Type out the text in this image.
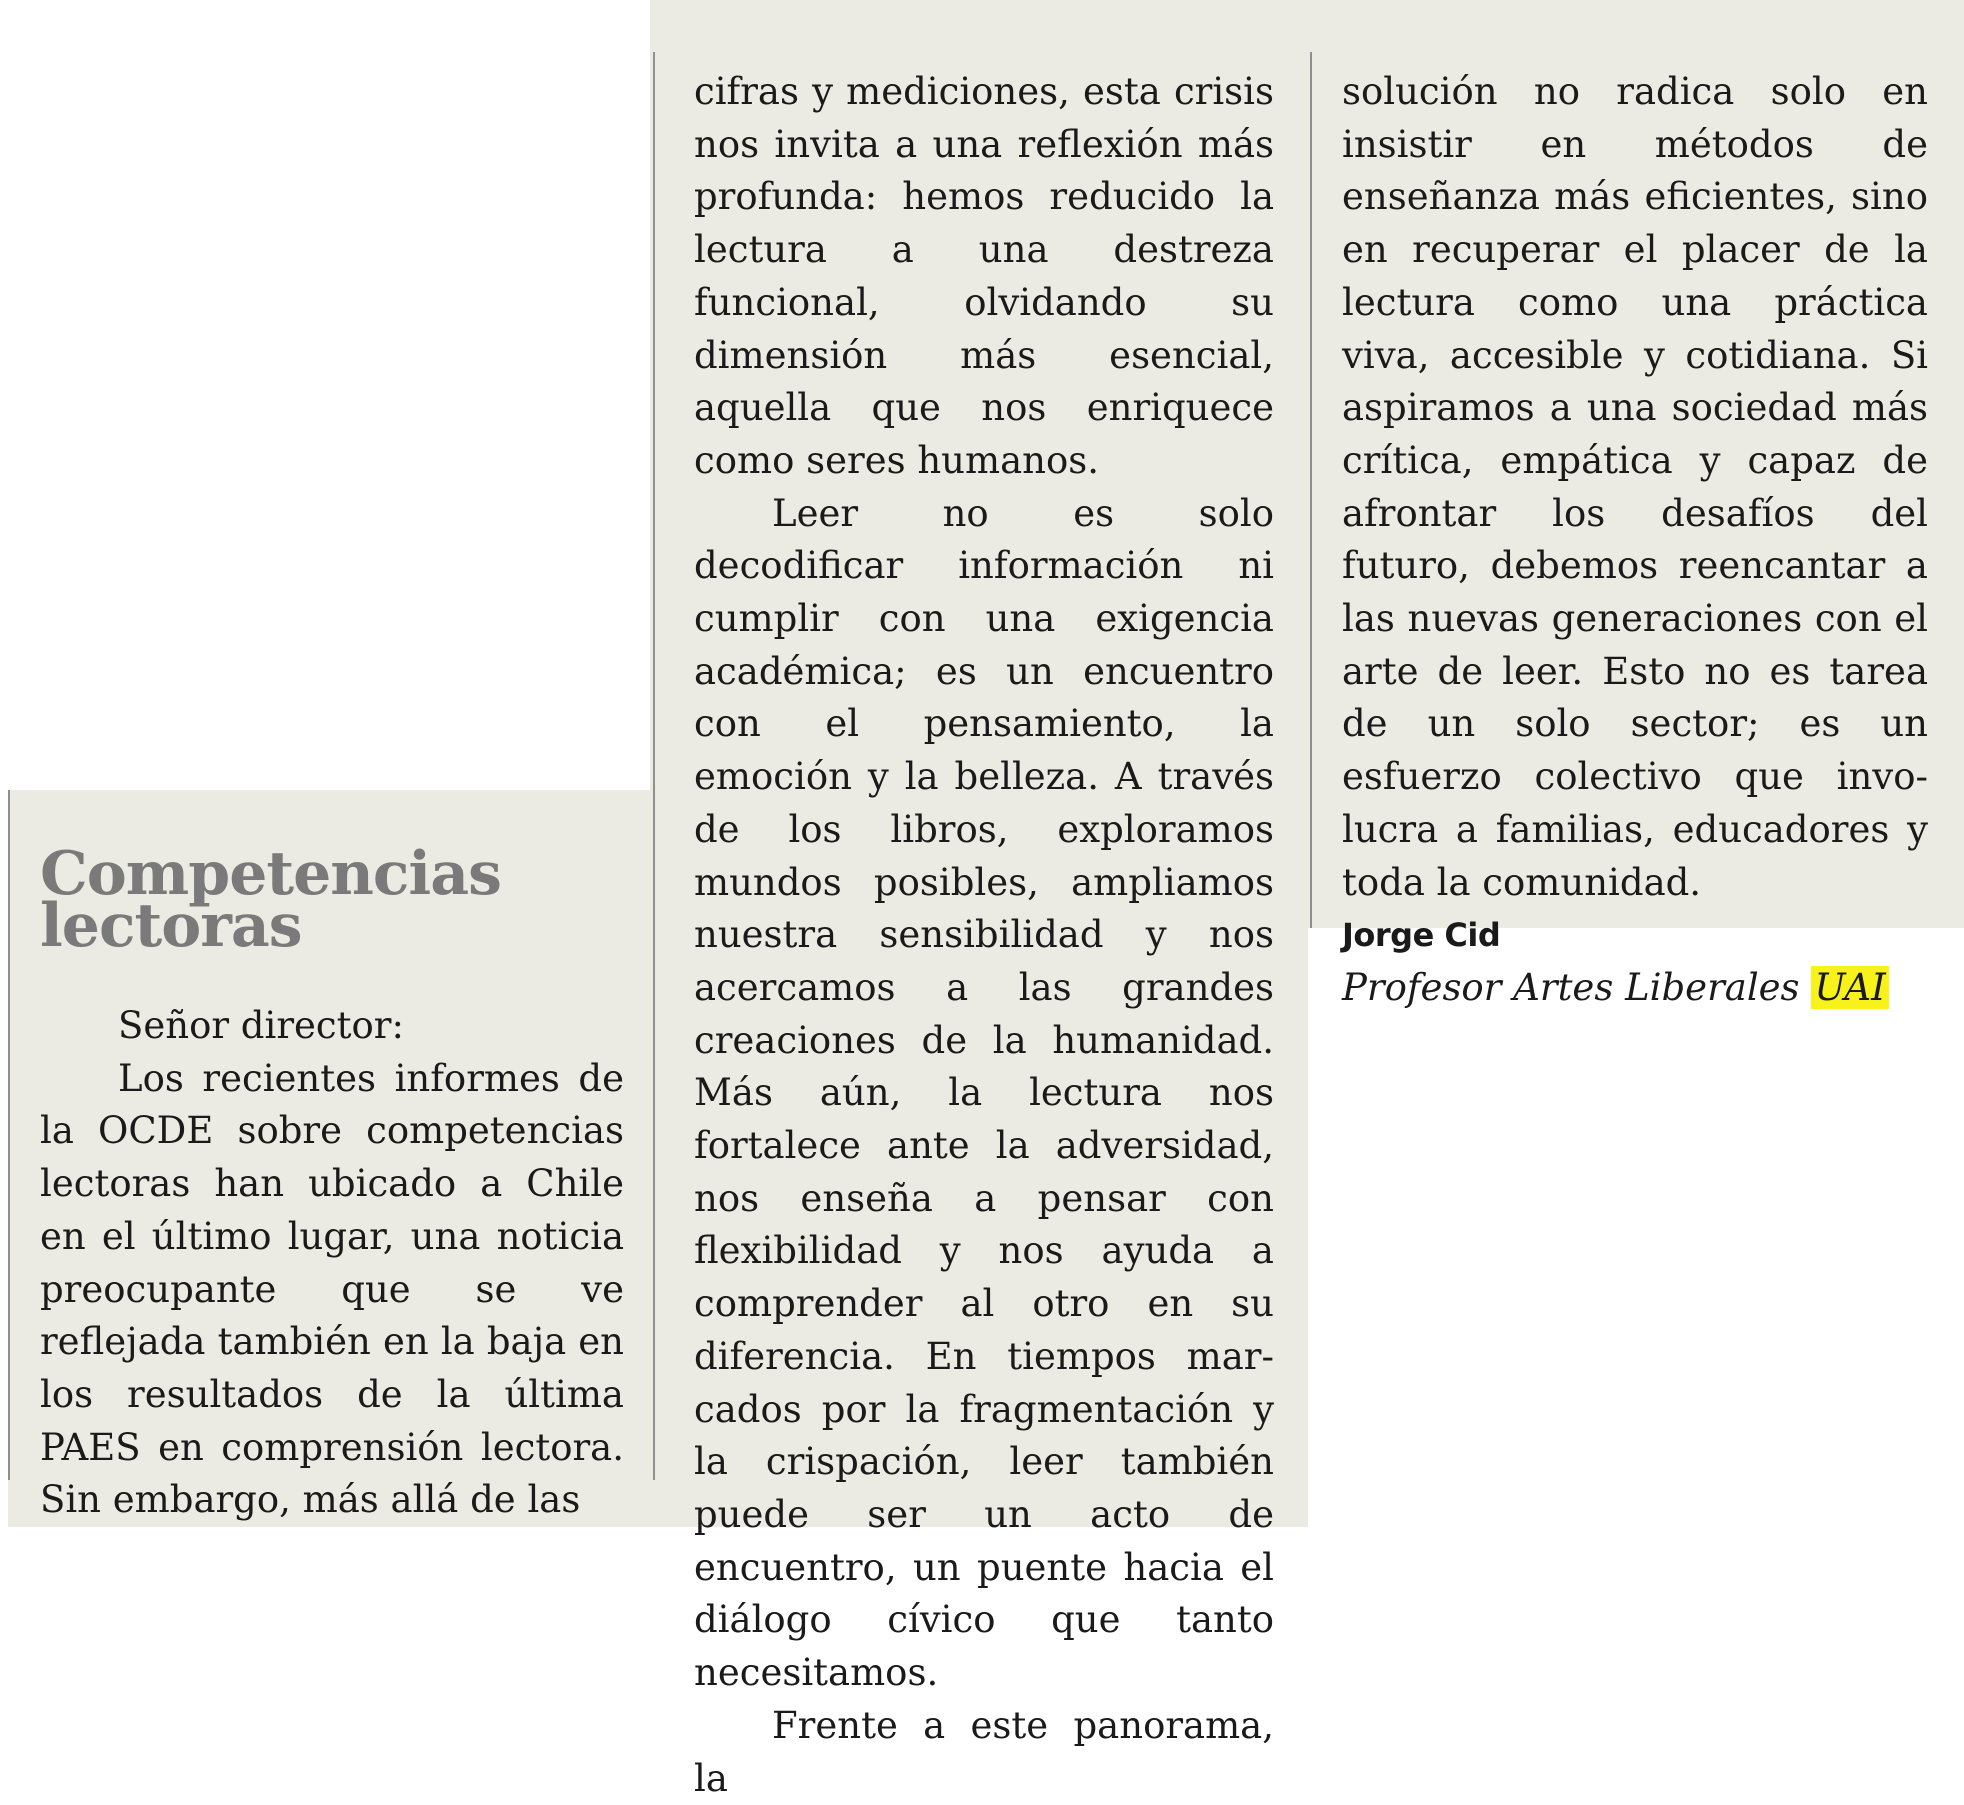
Competencias
lectoras

Señor director:

Los recientes informes de la OCDE sobre competencias lectoras han ubicado a Chile en el último lugar, una noticia preocupante que se ve reflejada también en la baja en los resultados de la última PAES en comprensión lectora. Sin embargo, más allá de las

cifras y mediciones, esta crisis nos invita a una reflexión más profunda: hemos reducido la lectura a una destreza funcional, olvidando su dimensión más esencial, aquella que nos enriquece como seres humanos.

Leer no es solo decodificar información ni cumplir con una exigencia académica; es un encuentro con el pensamiento, la emoción y la belleza. A través de los libros, exploramos mundos posibles, ampliamos nuestra sensibilidad y nos acercamos a las grandes creaciones de la humanidad. Más aún, la lectura nos fortalece ante la adversidad, nos enseña a pensar con flexibilidad y nos ayuda a comprender al otro en su diferencia. En tiempos marcados por la fragmentación y la crispación, leer también puede ser un acto de encuentro, un puente hacia el diálogo cívico que tanto necesitamos.

Frente a este panorama, la

solución no radica solo en insistir en métodos de enseñanza más eficientes, sino en recuperar el placer de la lectura como una práctica viva, accesible y cotidiana. Si aspiramos a una sociedad más crítica, empática y capaz de afrontar los desafíos del futuro, debemos reencantar a las nuevas generaciones con el arte de leer. Esto no es tarea de un solo sector; es un esfuerzo colectivo que involucra a familias, educadores y toda la comunidad.

Jorge Cid

Profesor Artes Liberales UAI
